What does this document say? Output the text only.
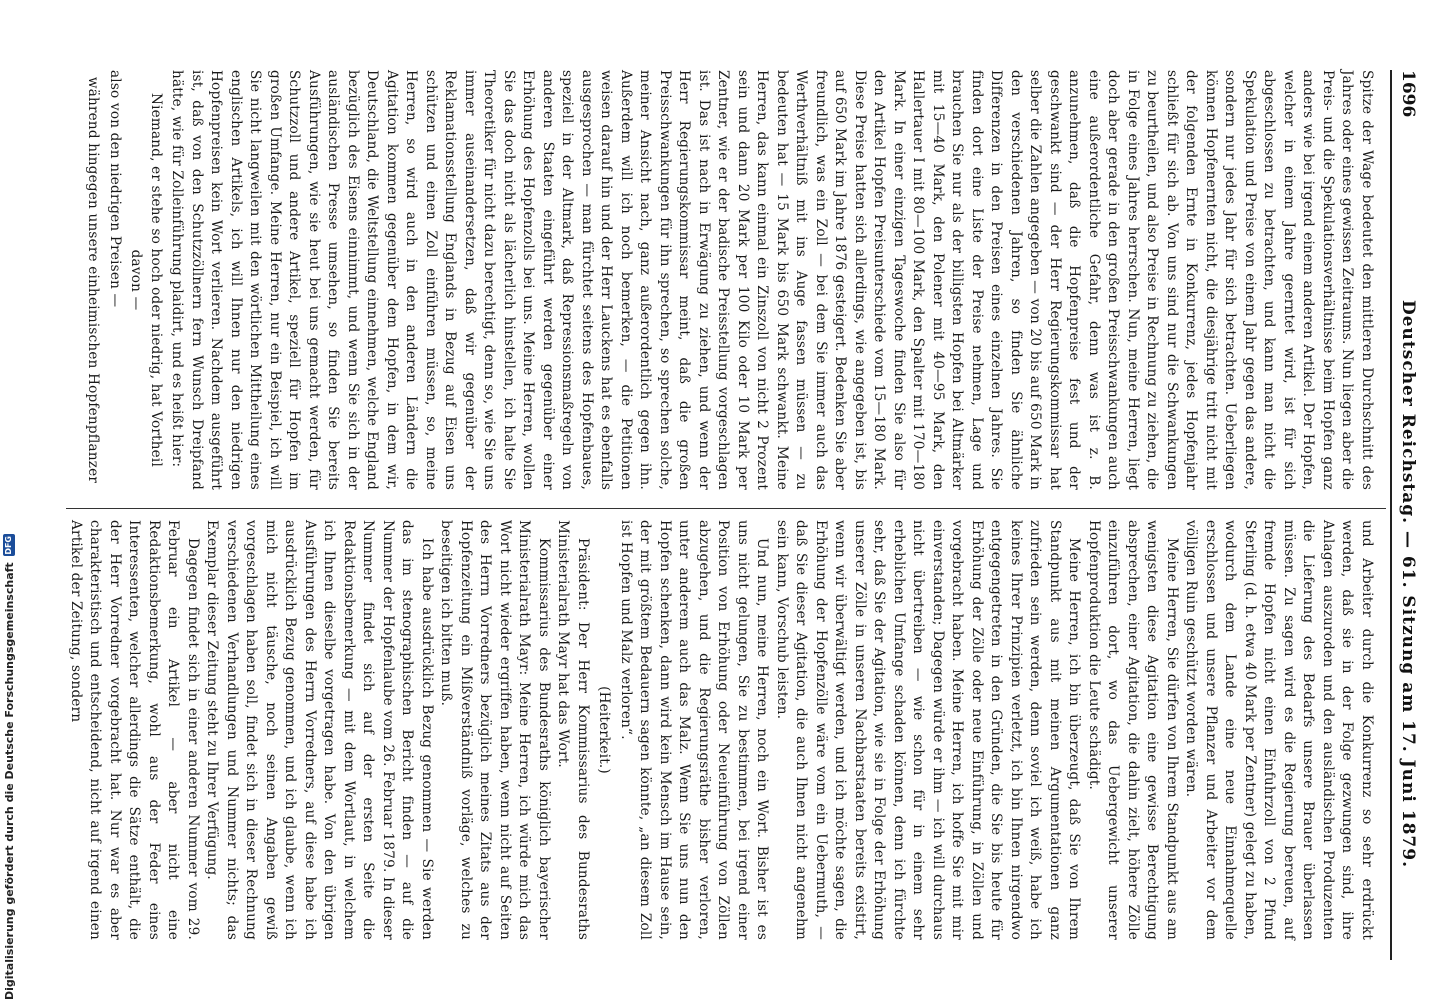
1696
Deutscher Reichstag. — 61. Sitzung am 17. Juni 1879.

Spitze der Wage bedeutet den mittleren Durchschnitt des Jahres oder eines gewissen Zeitraums. Nun liegen aber die Preis- und die Spekulationsverhältnisse beim Hopfen ganz anders wie bei irgend einem anderen Artikel. Der Hopfen, welcher in einem Jahre geerntet wird, ist für sich abgeschlossen zu betrachten, und kann man nicht die Spekulation und Preise von einem Jahr gegen das andere, sondern nur jedes Jahr für sich betrachten. Ueberliegen können Hopfenernten nicht, die diesjährige tritt nicht mit der folgenden Ernte in Konkurrenz, jedes Hopfenjahr schließt für sich ab. Von uns sind nur die Schwankungen zu beurtheilen, und also Preise in Rechnung zu ziehen, die in Folge eines Jahres herrschen. Nun, meine Herren, liegt doch aber gerade in den großen Preisschwankungen auch eine außerordentliche Gefahr, denn was ist z. B. anzunehmen, daß die Hopfenpreise fest und der geschwankt sind — der Herr Regierungskommissar hat selber die Zahlen angegeben — von 20 bis auf 650 Mark in den verschiedenen Jahren, so finden Sie ähnliche Differenzen in den Preisen eines einzelnen Jahres. Sie finden dort eine Liste der Preise nehmen, Lage und brauchen Sie nur als der billigsten Hopfen bei Altmärker mit 15—40 Mark, den Polener mit 40—95 Mark, den Hallertauer I mit 80—100 Mark, den Spalter mit 170—180 Mark. In einer einzigen Tageswoche finden Sie also für den Artikel Hopfen Preisunterschiede vom 15—180 Mark. Diese Preise hatten sich allerdings, wie angegeben ist, bis auf 650 Mark im Jahre 1876 gesteigert. Bedenken Sie aber freundlich, was ein Zoll — bei dem Sie immer auch das Werthverhältniß mit ins Auge fassen müssen — zu bedeuten hat — 15 Mark bis 650 Mark schwankt. Meine Herren, das kann einmal ein Zinszoll von nicht 2 Prozent sein und dann 20 Mark per 100 Kilo oder 10 Mark per Zentner, wie er der badische Preisstellung vorgeschlagen ist. Das ist nach in Erwägung zu ziehen, und wenn der Herr Regierungskommissar meint, daß die großen Preisschwankungen für ihn sprechen, so sprechen solche, meiner Ansicht nach, ganz außerordentlich gegen ihn. Außerdem will ich noch bemerken, — die Petitionen weisen darauf hin und der Herr Lauckens hat es ebenfalls ausgesprochen — man fürchtet seitens des Hopfenbaues, speziell in der Altmark, daß Repressionsmaßregeln von anderen Staaten eingeführt werden gegenüber einer Erhöhung des Hopfenzolls bei uns. Meine Herren, wollen Sie das doch nicht als lächerlich hinstellen, ich halte Sie Theoretiker für nicht dazu berechtigt, denn so, wie Sie uns immer auseinandersetzen, daß wir gegenüber der Reklamationsstellung Englands in Bezug auf Eisen uns schützen und einen Zoll einführen müssen, so, meine Herren, so wird auch in den anderen Ländern die Agitation kommen gegenüber dem Hopfen, in dem wir, Deutschland, die Weltstellung einnehmen, welche England bezüglich des Eisens einnimmt, und wenn Sie sich in der ausländischen Presse umsehen, so finden Sie bereits Ausführungen, wie sie heut bei uns gemacht werden, für Schutzzoll und andere Artikel, speziell für Hopfen im großen Umfange. Meine Herren, nur ein Beispiel, ich will Sie nicht langweilen mit den wörtlichen Mittheilung eines englischen Artikels, ich will Ihnen nur den niedrigen Hopfenpreisen kein Wort verlieren. Nachdem ausgeführt ist, daß von den Schutzzöllnern fern Wunsch Dreipfand hätte, wie für Zolleinführung plaidirt, und es heißt hier:

Niemand, er stehe so hoch oder niedrig, hat Vortheil davon —

also von den niedrigen Preisen —

während hingegen unsere einheimischen Hopfenpflanzer

und Arbeiter durch die Konkurrenz so sehr erdrückt werden, daß sie in der Folge gezwungen sind, ihre Anlagen auszuroden und den ausländischen Produzenten die Lieferung des Bedarfs unsere Brauer überlassen müssen. Zu sagen wird es die Regierung bereuen, auf fremde Hopfen nicht einen Einfuhrzoll von 2 Pfund Sterling (d. h. etwa 40 Mark per Zentner) gelegt zu haben, wodurch dem Lande eine neue Einnahmequelle erschlossen und unsere Pflanzer und Arbeiter vor dem völligen Ruin geschützt worden wären.

Meine Herren, Sie dürfen von Ihrem Standpunkt aus am wenigsten diese Agitation eine gewisse Berechtigung absprechen, einer Agitation, die dahin zielt, höhere Zölle einzuführen dort, wo das Uebergewicht unserer Hopfenproduktion die Leute schädigt.

Meine Herren, ich bin überzeugt, daß Sie von Ihrem Standpunkt aus mit meinen Argumentationen ganz zufrieden sein werden, denn soviel ich weiß, habe ich keines Ihrer Prinzipien verletzt, ich bin Ihnen nirgendwo entgegengetreten in den Gründen, die Sie bis heute für Erhöhung der Zölle oder neue Einführung, in Zöllen und vorgebracht haben. Meine Herren, ich hoffe Sie mit mir einverstanden; Dagegen würde er ihm — ich will durchaus nicht übertreiben — wie schon für in einem sehr erheblichen Umfange schaden können, denn ich fürchte sehr, daß Sie der Agitation, wie sie in Folge der Erhöhung unserer Zölle in unseren Nachbarstaaten bereits existirt, wenn wir überwältigt werden, und ich möchte sagen, die Erhöhung der Hopfenzölle wäre vom ein Uebermuth, — daß Sie dieser Agitation, die auch Ihnen nicht angenehm sein kann, Vorschub leisten.

Und nun, meine Herren, noch ein Wort. Bisher ist es uns nicht gelungen, Sie zu bestimmen, bei irgend einer Position von Erhöhung oder Neueinführung von Zöllen abzugehen, und die Regierungsräthe bisher verloren, unter anderem auch das Malz. Wenn Sie uns nun den Hopfen schenken, dann wird kein Mensch im Hause sein, der mit größtem Bedauern sagen könnte, „an diesem Zoll ist Hopfen und Malz verloren“.

(Heiterkeit.)

Präsident: Der Herr Kommissarius des Bundesraths Ministerialrath Mayr hat das Wort.

Kommissarius des Bundesraths königlich bayerischer Ministerialrath Mayr: Meine Herren, ich würde mich das Wort nicht wieder ergriffen haben, wenn nicht auf Seiten des Herrn Vorredners bezüglich meines Zitats aus der Hopfenzeitung ein Mißverständniß vorläge, welches zu beseitigen ich bitten muß.

Ich habe ausdrücklich Bezug genommen — Sie werden das im stenographischen Bericht finden — auf die Nummer der Hopfenlaube vom 26. Februar 1879. In dieser Nummer findet sich auf der ersten Seite die Redaktionsbemerkung — mit dem Wortlaut, in welchem ich Ihnen dieselbe vorgetragen habe. Von den übrigen Ausführungen des Herrn Vorredners, auf diese habe ich ausdrücklich Bezug genommen, und ich glaube, wenn ich mich nicht täusche, noch seinen Angaben gewiß vorgeschlagen haben soll, findet sich in dieser Rechnung verschiedenen Verhandlungen und Nummer nichts; das Exemplar dieser Zeitung steht zu Ihrer Verfügung.

Dagegen findet sich in einer anderen Nummer vom 29. Februar ein Artikel — aber nicht eine Redaktionsbemerkung, wohl aus der Feder eines Interessenten, welcher allerdings die Sätze enthält, die der Herr Vorredner vorgebracht hat. Nur war es aber charakteristisch und entscheidend, nicht auf irgend einen Artikel der Zeitung, sondern

Digitalisierung gefördert durch die Deutsche Forschungsgemeinschaft
DFG
